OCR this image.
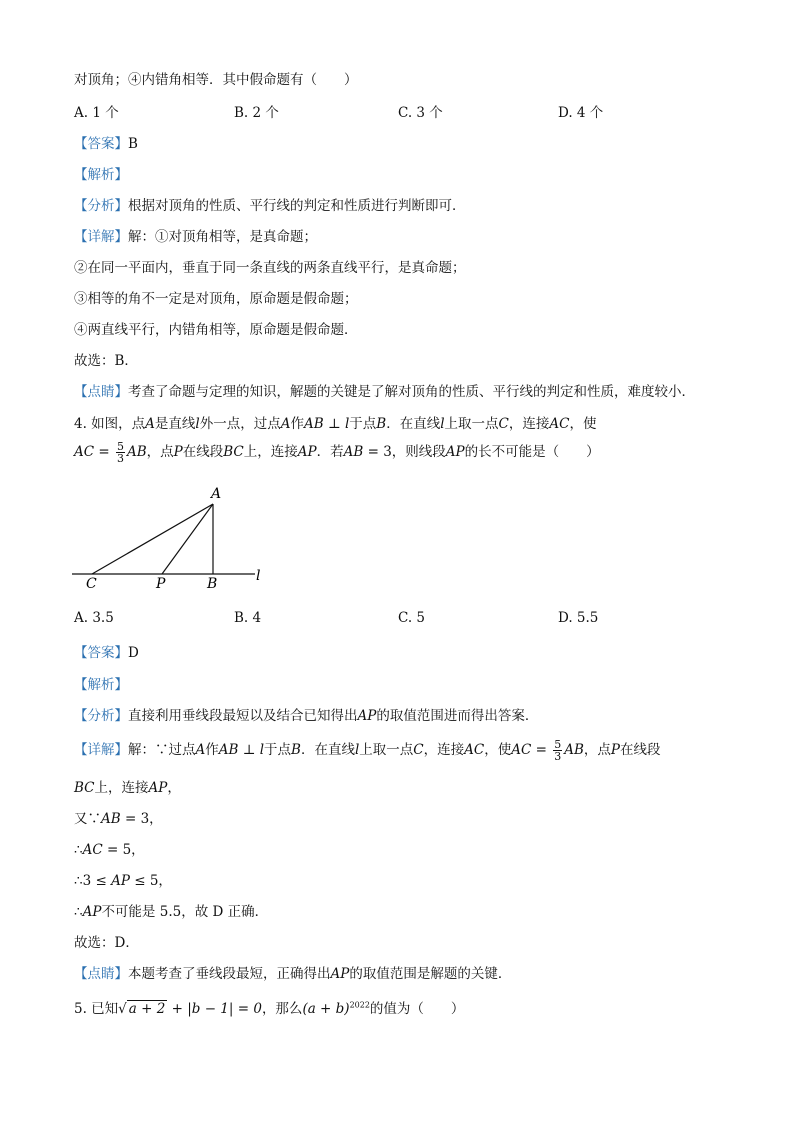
对顶角；④内错角相等．其中假命题有（　　）
A. 1 个	B. 2 个	C. 3 个	D. 4 个
【答案】B
【解析】
【分析】根据对顶角的性质、平行线的判定和性质进行判断即可．
【详解】解：①对顶角相等，是真命题；
②在同一平面内，垂直于同一条直线的两条直线平行，是真命题；
③相等的角不一定是对顶角，原命题是假命题；
④两直线平行，内错角相等，原命题是假命题．
故选：B．
【点睛】考查了命题与定理的知识，解题的关键是了解对顶角的性质、平行线的判定和性质，难度较小．
4. 如图，点A是直线l外一点，过点A作AB ⊥ l于点B．在直线l上取一点C，连接AC，使
AC = $\frac{5}{3}$ AB，点P在线段BC上，连接AP．若AB = 3，则线段AP的长不可能是（　　）
A
C	P	B	l
A. 3.5	B. 4	C. 5	D. 5.5
【答案】D
【解析】
【分析】直接利用垂线段最短以及结合已知得出AP的取值范围进而得出答案．
【详解】解：∵过点A作AB ⊥ l于点B．在直线l上取一点C，连接AC，使AC = $\frac{5}{3}$ AB，点P在线段
BC上，连接AP，
又∵AB = 3，
∴AC = 5，
∴3 ≤ AP ≤ 5，
∴AP不可能是 5.5，故 D 正确．
故选：D．
【点睛】本题考查了垂线段最短，正确得出AP的取值范围是解题的关键．
5. 已知√ a + 2 + |b − 1| = 0，那么$(a + b)^{2022}$的值为（　　）
